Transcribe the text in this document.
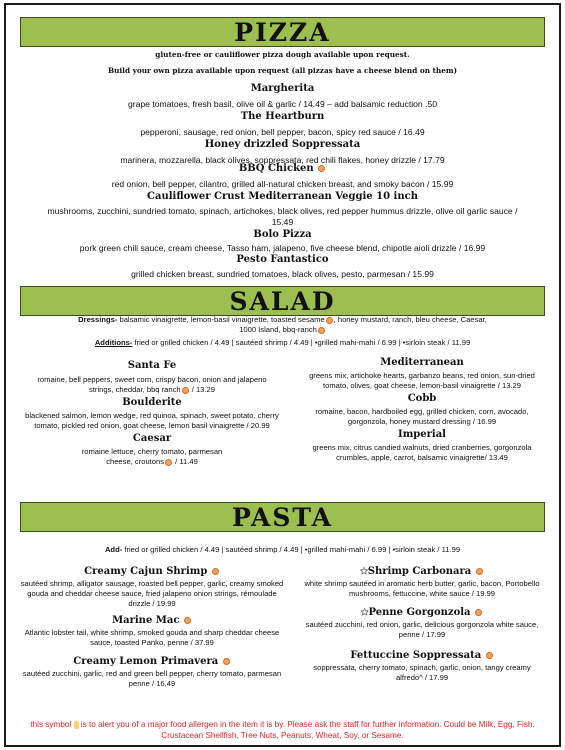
PIZZA
gluten-free or cauliflower pizza dough available upon request.
Build your own pizza available upon request (all pizzas have a cheese blend on them)
Margherita
grape tomatoes, fresh basil, olive oil & garlic / 14.49 – add balsamic reduction .50
The Heartburn
pepperoni, sausage, red onion, bell pepper, bacon, spicy red sauce / 16.49
Honey drizzled Soppressata
marinera, mozzarella, black olives, soppressata, red chili flakes, honey drizzle / 17.79
BBQ Chicken
red onion, bell pepper, cilantro, grilled all-natural chicken breast, and smoky bacon / 15.99
Cauliflower Crust Mediterranean Veggie 10 inch
mushrooms, zucchini, sundried tomato, spinach, artichokes, black olives, red pepper hummus drizzle, olive oil garlic sauce / 15.49
Bolo Pizza
pork green chili sauce, cream cheese, Tasso ham, jalapeno, five cheese blend, chipotle aioli drizzle / 16.99
Pesto Fantastico
grilled chicken breast, sundried tomatoes, black olives, pesto, parmesan / 15.99
SALAD
Dressings- balsamic vinaigrette, lemon-basil vinaigrette, toasted sesame , honey mustard, ranch, bleu cheese, Caesar,
1000 Island, bbq-ranch
Additions- fried or grilled chicken / 4.49 | sautéed shrimp / 4.49 | •grilled mahi-mahi / 6.99 | •sirloin steak / 11.99
Santa Fe
romaine, bell peppers, sweet corn, crispy bacon, onion and jalapeno strings, cheddar, bbq ranch / 13.29
Boulderite
blackened salmon, lemon wedge, red quinoa, spinach, sweet potato, cherry tomato, pickled red onion, goat cheese, lemon basil vinaigrette / 20.99
Caesar
romaine lettuce, cherry tomato, parmesan cheese, croutons / 11.49
Mediterranean
greens mix, artichoke hearts, garbanzo beans, red onion, sun-dried tomato, olives, goat cheese, lemon-basil vinaigrette / 13.29
Cobb
romaine, bacon, hardboiled egg, grilled chicken, corn, avocado, gorgonzola, honey mustard dressing / 16.99
Imperial
greens mix, citrus candied walnuts, dried cranberries, gorgonzola crumbles, apple, carrot, balsamic vinaigrette/ 13.49
PASTA
Add- fried or grilled chicken / 4.49 | sautéed shrimp / 4.49 | •grilled mahi-mahi / 6.99 | •sirloin steak / 11.99
Creamy Cajun Shrimp
sautéed shrimp, alligator sausage, roasted bell pepper, garlic, creamy smoked gouda and cheddar cheese sauce, fried jalapeno onion strings, rémoulade drizzle / 19.99
Marine Mac
Atlantic lobster tail, white shrimp, smoked gouda and sharp cheddar cheese sauce, toasted Panko, penne / 37.99
Creamy Lemon Primavera
sautéed zucchini, garlic, red and green bell pepper, cherry tomato, parmesan penne / 16.49
✩Shrimp Carbonara
white shrimp sautéed in aromatic herb butter, garlic, bacon, Portobello mushrooms, fettuccine, white sauce / 19.99
✩Penne Gorgonzola
sautéed zucchini, red onion, garlic, delicious gorgonzola white sauce, penne / 17.99
Fettuccine Soppressata
soppressata, cherry tomato, spinach, garlic, onion, tangy creamy alfredo^ / 17.99
this symbol  is to alert you of a major food allergen in the item it is by. Please ask the staff for further information. Could be Milk, Egg, Fish, Crustacean Shellfish, Tree Nuts, Peanuts, Wheat, Soy, or Sesame.
